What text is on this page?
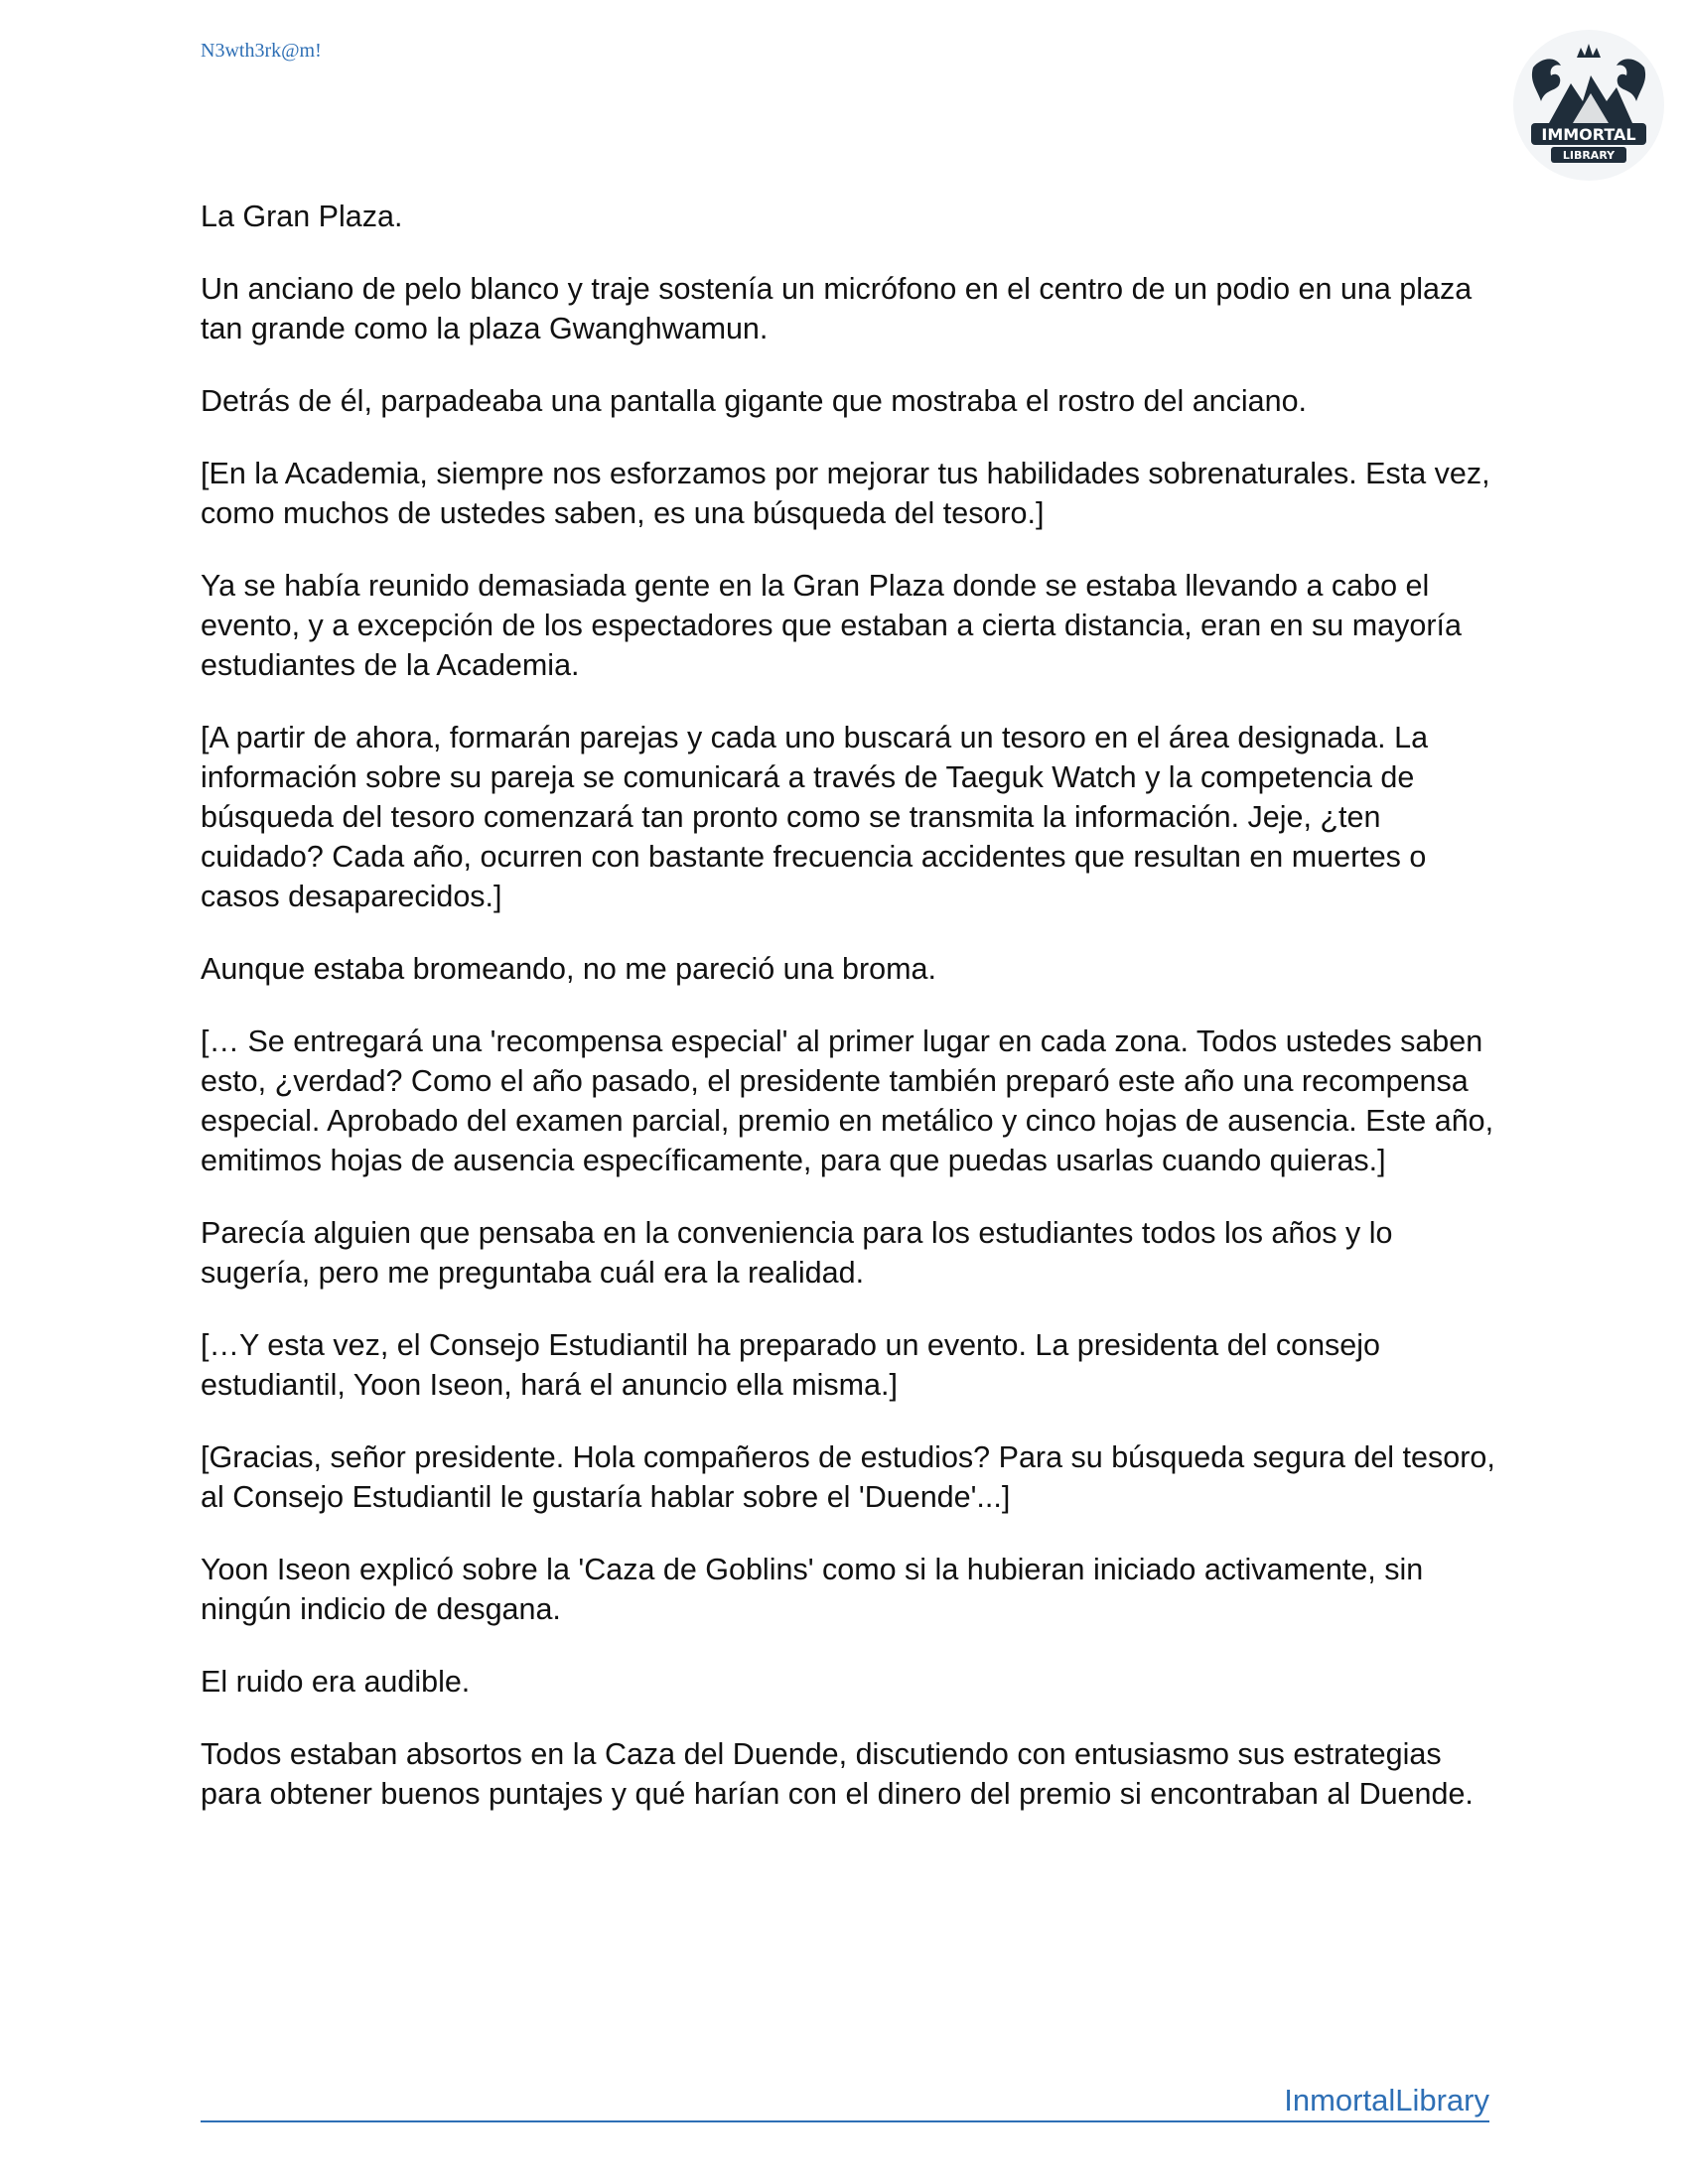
N3wth3rk@m!
IMMORTAL
LIBRARY

La Gran Plaza.

Un anciano de pelo blanco y traje sostenía un micrófono en el centro de un podio en una plaza tan grande como la plaza Gwanghwamun.

Detrás de él, parpadeaba una pantalla gigante que mostraba el rostro del anciano.

[En la Academia, siempre nos esforzamos por mejorar tus habilidades sobrenaturales. Esta vez, como muchos de ustedes saben, es una búsqueda del tesoro.]

Ya se había reunido demasiada gente en la Gran Plaza donde se estaba llevando a cabo el evento, y a excepción de los espectadores que estaban a cierta distancia, eran en su mayoría estudiantes de la Academia.

[A partir de ahora, formarán parejas y cada uno buscará un tesoro en el área designada. La información sobre su pareja se comunicará a través de Taeguk Watch y la competencia de búsqueda del tesoro comenzará tan pronto como se transmita la información. Jeje, ¿ten cuidado? Cada año, ocurren con bastante frecuencia accidentes que resultan en muertes o casos desaparecidos.]

Aunque estaba bromeando, no me pareció una broma.

[… Se entregará una 'recompensa especial' al primer lugar en cada zona. Todos ustedes saben esto, ¿verdad? Como el año pasado, el presidente también preparó este año una recompensa especial. Aprobado del examen parcial, premio en metálico y cinco hojas de ausencia. Este año, emitimos hojas de ausencia específicamente, para que puedas usarlas cuando quieras.]

Parecía alguien que pensaba en la conveniencia para los estudiantes todos los años y lo sugería, pero me preguntaba cuál era la realidad.

[…Y esta vez, el Consejo Estudiantil ha preparado un evento. La presidenta del consejo estudiantil, Yoon Iseon, hará el anuncio ella misma.]

[Gracias, señor presidente. Hola compañeros de estudios? Para su búsqueda segura del tesoro, al Consejo Estudiantil le gustaría hablar sobre el 'Duende'...]

Yoon Iseon explicó sobre la 'Caza de Goblins' como si la hubieran iniciado activamente, sin ningún indicio de desgana.

El ruido era audible.

Todos estaban absortos en la Caza del Duende, discutiendo con entusiasmo sus estrategias para obtener buenos puntajes y qué harían con el dinero del premio si encontraban al Duende.

InmortalLibrary
